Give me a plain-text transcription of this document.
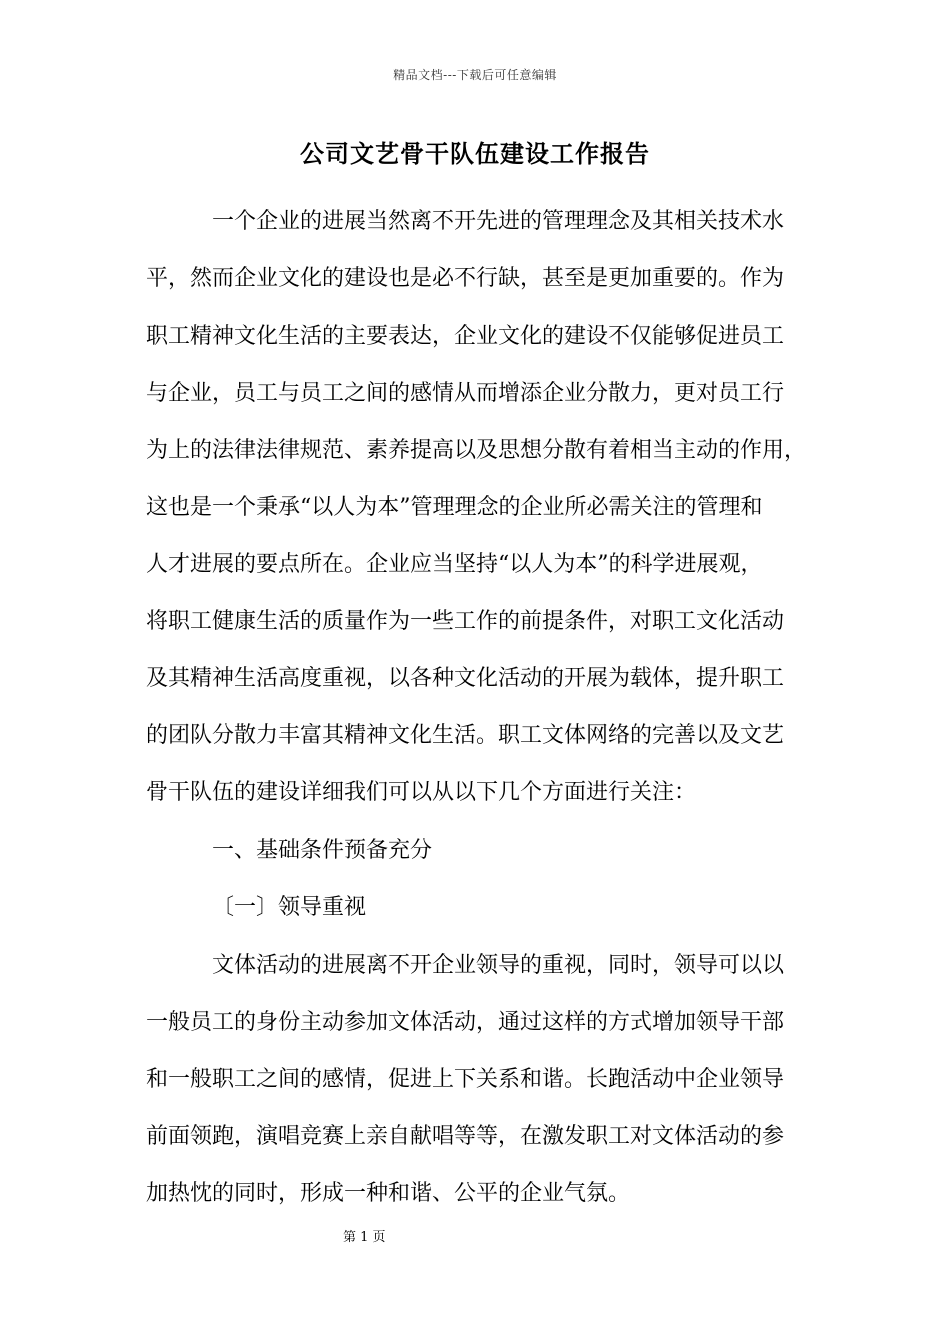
精品文档---下载后可任意编辑
公司文艺骨干队伍建设工作报告
一个企业的进展当然离不开先进的管理理念及其相关技术水
平，然而企业文化的建设也是必不行缺，甚至是更加重要的。作为
职工精神文化生活的主要表达，企业文化的建设不仅能够促进员工
与企业，员工与员工之间的感情从而增添企业分散力，更对员工行
为上的法律法律规范、素养提高以及思想分散有着相当主动的作用，
这也是一个秉承“以人为本”管理理念的企业所必需关注的管理和
人才进展的要点所在。企业应当坚持“以人为本”的科学进展观，
将职工健康生活的质量作为一些工作的前提条件，对职工文化活动
及其精神生活高度重视，以各种文化活动的开展为载体，提升职工
的团队分散力丰富其精神文化生活。职工文体网络的完善以及文艺
骨干队伍的建设详细我们可以从以下几个方面进行关注：
一、基础条件预备充分
〔一〕领导重视
文体活动的进展离不开企业领导的重视，同时，领导可以以
一般员工的身份主动参加文体活动，通过这样的方式增加领导干部
和一般职工之间的感情，促进上下关系和谐。长跑活动中企业领导
前面领跑，演唱竞赛上亲自献唱等等，在激发职工对文体活动的参
加热忱的同时，形成一种和谐、公平的企业气氛。
第 1 页
